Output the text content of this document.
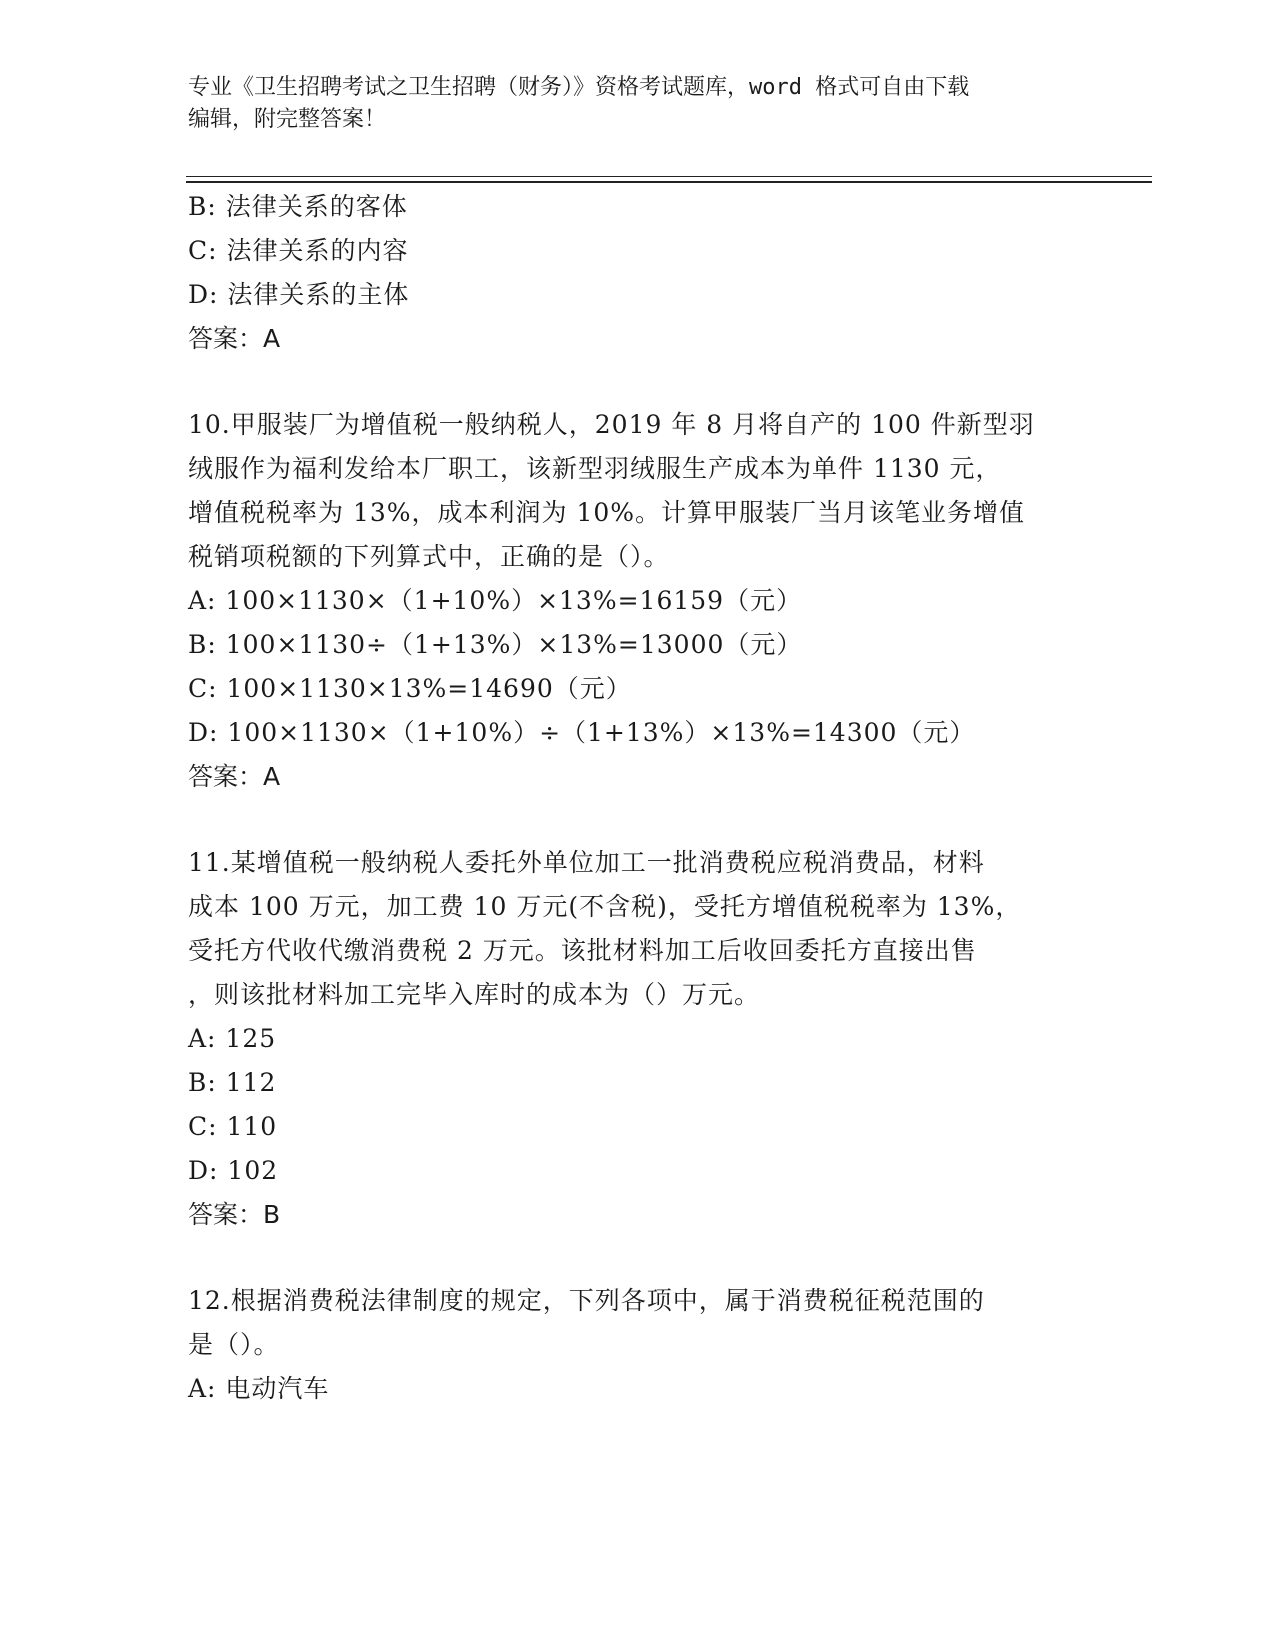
专业《卫生招聘考试之卫生招聘（财务）》资格考试题库，word 格式可自由下载
编辑，附完整答案！
B: 法律关系的客体
C: 法律关系的内容
D: 法律关系的主体
答案：A
10.甲服装厂为增值税一般纳税人，2019 年 8 月将自产的 100 件新型羽
绒服作为福利发给本厂职工，该新型羽绒服生产成本为单件 1130 元，
增值税税率为 13%，成本利润为 10%。计算甲服装厂当月该笔业务增值
税销项税额的下列算式中，正确的是（）。
A: 100×1130×（1+10%）×13%=16159（元）
B: 100×1130÷（1+13%）×13%=13000（元）
C: 100×1130×13%=14690（元）
D: 100×1130×（1+10%）÷（1+13%）×13%=14300（元）
答案：A
11.某增值税一般纳税人委托外单位加工一批消费税应税消费品，材料
成本 100 万元，加工费 10 万元(不含税)，受托方增值税税率为 13%，
受托方代收代缴消费税 2 万元。该批材料加工后收回委托方直接出售
，则该批材料加工完毕入库时的成本为（）万元。
A: 125
B: 112
C: 110
D: 102
答案：B
12.根据消费税法律制度的规定，下列各项中，属于消费税征税范围的
是（）。
A: 电动汽车
